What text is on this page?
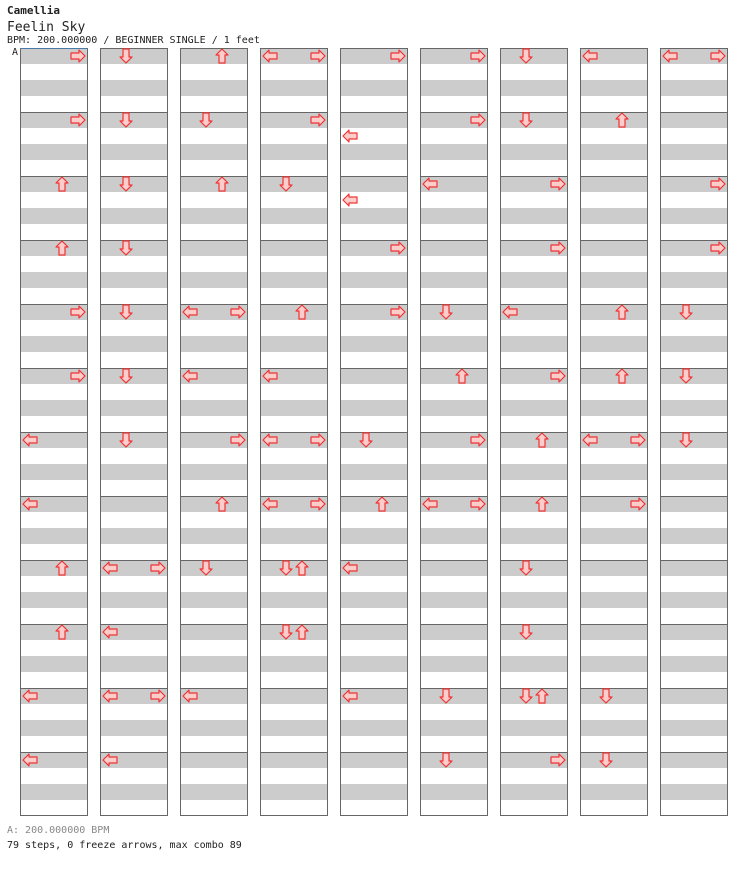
Camellia
Feelin Sky
BPM: 200.000000 / BEGINNER SINGLE / 1 feet
A
A: 200.000000 BPM
79 steps, 0 freeze arrows, max combo 89
